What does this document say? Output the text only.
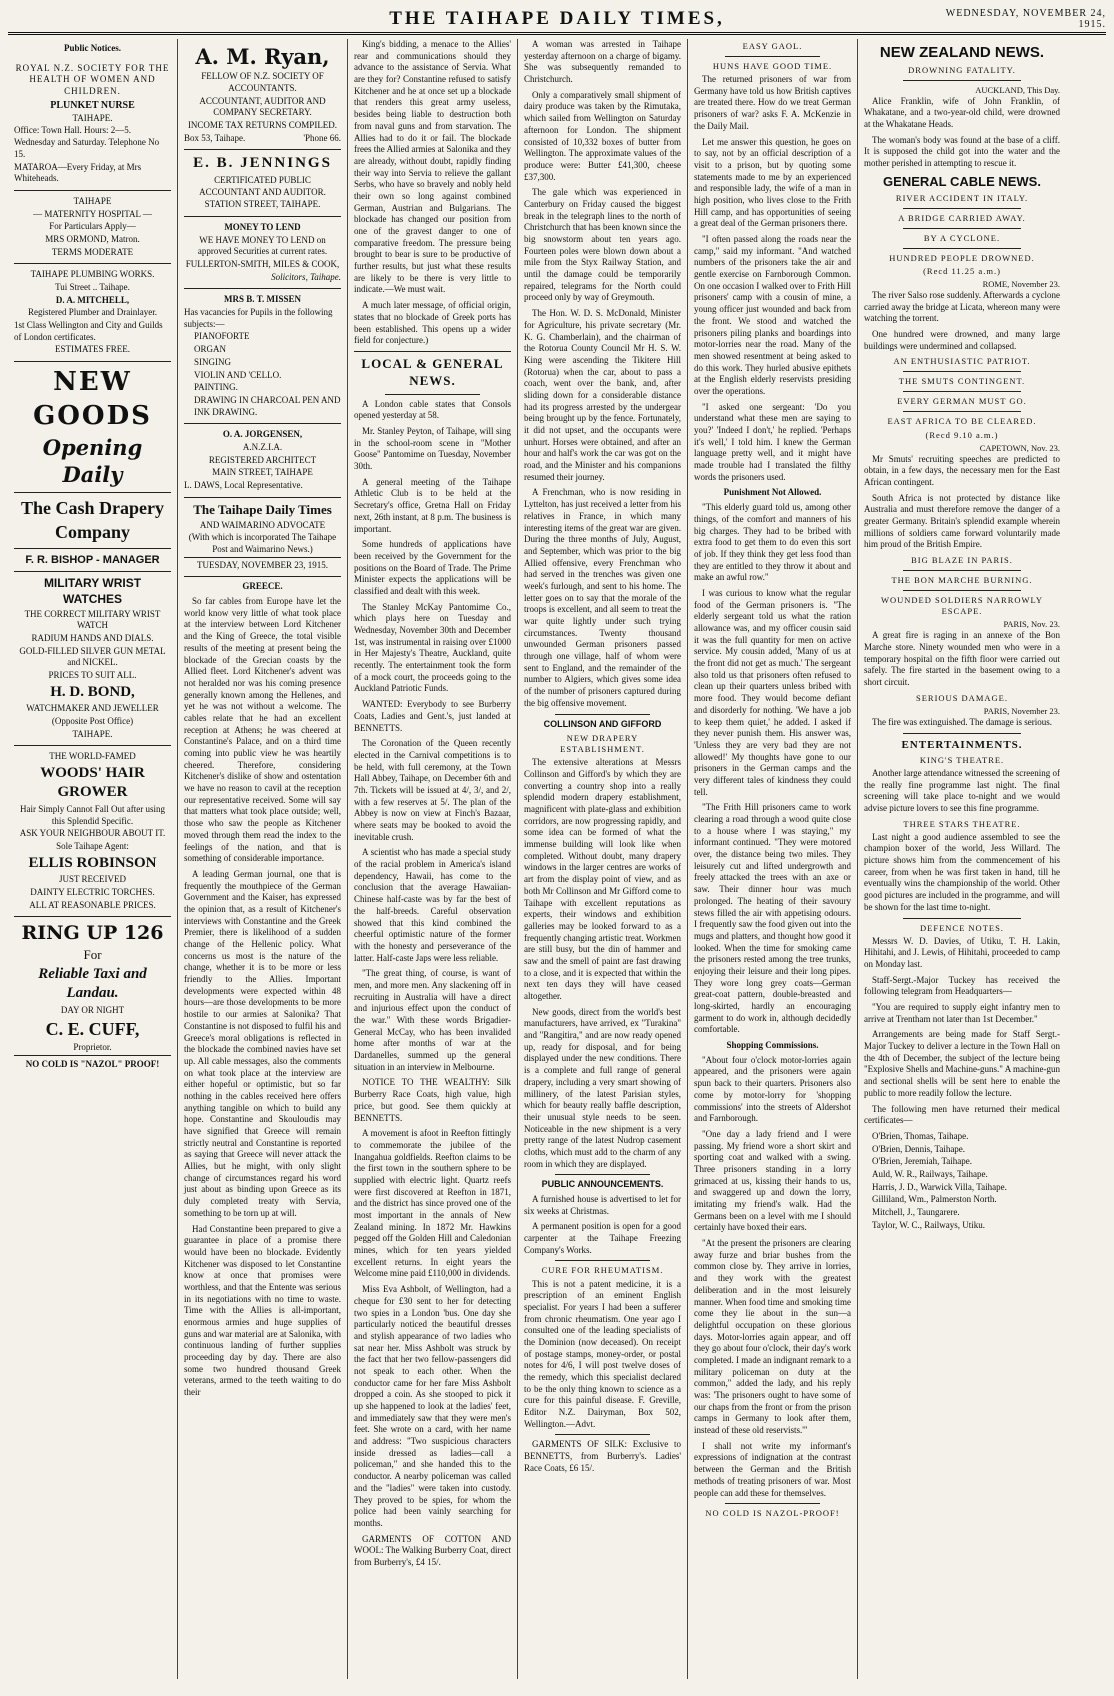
THE TAIHAPE DAILY TIMES,	WEDNESDAY, NOVEMBER 24, 1915.
Public Notices.

ROYAL N.Z. SOCIETY FOR THE HEALTH OF WOMEN AND CHILDREN.

PLUNKET NURSE

TAIHAPE.

Office: Town Hall. Hours: 2—5. Wednesday and Saturday. Telephone No 15.

MATAROA—Every Friday, at Mrs Whiteheads.

TAIHAPE

— MATERNITY HOSPITAL —

For Particulars Apply—

MRS ORMOND, Matron.

TERMS MODERATE

TAIHAPE PLUMBING WORKS.

Tui Street .. Taihape.

D. A. MITCHELL,

Registered Plumber and Drainlayer.

1st Class Wellington and City and Guilds of London certificates.

ESTIMATES FREE.

NEW
GOODS
Opening Daily
The Cash Drapery
Company
F. R. BISHOP - MANAGER
MILITARY WRIST WATCHES

THE CORRECT MILITARY WRIST WATCH

RADIUM HANDS AND DIALS.

GOLD-FILLED SILVER GUN METAL and NICKEL.

PRICES TO SUIT ALL.

H. D. BOND,

WATCHMAKER AND JEWELLER

(Opposite Post Office)

TAIHAPE.

THE WORLD-FAMED

WOODS' HAIR GROWER

Hair Simply Cannot Fall Out after using this Splendid Specific.

ASK YOUR NEIGHBOUR ABOUT IT.

Sole Taihape Agent:

ELLIS ROBINSON

JUST RECEIVED

DAINTY ELECTRIC TORCHES.

ALL AT REASONABLE PRICES.

RING UP 126

For

Reliable Taxi and
Landau.

DAY OR NIGHT

C. E. CUFF,

Proprietor.

NO COLD IS "NAZOL" PROOF!

A. M. Ryan,

FELLOW OF N.Z. SOCIETY OF ACCOUNTANTS.

ACCOUNTANT, AUDITOR AND COMPANY SECRETARY.

INCOME TAX RETURNS COMPILED.

Box 53, Taihape.	'Phone 66.

E. B. JENNINGS

CERTIFICATED PUBLIC ACCOUNTANT AND AUDITOR.

STATION STREET, TAIHAPE.

MONEY TO LEND

WE HAVE MONEY TO LEND on approved Securities at current rates.

FULLERTON-SMITH, MILES & COOK,

Solicitors, Taihape.

MRS B. T. MISSEN

Has vacancies for Pupils in the following subjects:—

PIANOFORTE

ORGAN

SINGING

VIOLIN AND 'CELLO.

PAINTING.

DRAWING IN CHARCOAL PEN AND INK DRAWING.

O. A. JORGENSEN,

A.N.Z.I.A.

REGISTERED ARCHITECT

MAIN STREET, TAIHAPE

L. DAWS, Local Representative.

The Taihape Daily Times

AND WAIMARINO ADVOCATE

(With which is incorporated The Taihape Post and Waimarino News.)

TUESDAY, NOVEMBER 23, 1915.

GREECE.

So far cables from Europe have let the world know very little of what took place at the interview between Lord Kitchener and the King of Greece, the total visible results of the meeting at present being the blockade of the Grecian coasts by the Allied fleet. Lord Kitchener's advent was not heralded nor was his coming presence generally known among the Hellenes, and yet he was not without a welcome. The cables relate that he had an excellent reception at Athens; he was cheered at Constantine's Palace, and on a third time coming into public view he was heartily cheered. Therefore, considering Kitchener's dislike of show and ostentation we have no reason to cavil at the reception our representative received. Some will say that matters what took place outside; well, those who saw the people as Kitchener moved through them read the index to the feelings of the nation, and that is something of considerable importance.

A leading German journal, one that is frequently the mouthpiece of the German Government and the Kaiser, has expressed the opinion that, as a result of Kitchener's interviews with Constantine and the Greek Premier, there is likelihood of a sudden change of the Hellenic policy. What concerns us most is the nature of the change, whether it is to be more or less friendly to the Allies. Important developments were expected within 48 hours—are those developments to be more hostile to our armies at Salonika? That Constantine is not disposed to fulfil his and Greece's moral obligations is reflected in the blockade the combined navies have set up. All cable messages, also the comments on what took place at the interview are either hopeful or optimistic, but so far nothing in the cables received here offers anything tangible on which to build any hope. Constantine and Skouloudis may have signified that Greece will remain strictly neutral and Constantine is reported as saying that Greece will never attack the Allies, but he might, with only slight change of circumstances regard his word just about as binding upon Greece as its duly completed treaty with Servia, something to be torn up at will.

Had Constantine been prepared to give a guarantee in place of a promise there would have been no blockade. Evidently Kitchener was disposed to let Constantine know at once that promises were worthless, and that the Entente was serious in its negotiations with no time to waste. Time with the Allies is all-important, enormous armies and huge supplies of guns and war material are at Salonika, with continuous landing of further supplies proceeding day by day. There are also some two hundred thousand Greek veterans, armed to the teeth waiting to do their

King's bidding, a menace to the Allies' rear and communications should they advance to the assistance of Servia. What are they for? Constantine refused to satisfy Kitchener and he at once set up a blockade that renders this great army useless, besides being liable to destruction both from naval guns and from starvation. The Allies had to do it or fail. The blockade frees the Allied armies at Salonika and they are already, without doubt, rapidly finding their way into Servia to relieve the gallant Serbs, who have so bravely and nobly held their own so long against combined German, Austrian and Bulgarians. The blockade has changed our position from one of the gravest danger to one of comparative freedom. The pressure being brought to bear is sure to be productive of further results, but just what these results are likely to be there is very little to indicate.—We must wait.

A much later message, of official origin, states that no blockade of Greek ports has been established. This opens up a wider field for conjecture.)

LOCAL & GENERAL NEWS.

A London cable states that Consols opened yesterday at 58.

Mr. Stanley Peyton, of Taihape, will sing in the school-room scene in "Mother Goose" Pantomime on Tuesday, November 30th.

A general meeting of the Taihape Athletic Club is to be held at the Secretary's office, Gretna Hall on Friday next, 26th instant, at 8 p.m. The business is important.

Some hundreds of applications have been received by the Government for the positions on the Board of Trade. The Prime Minister expects the applications will be classified and dealt with this week.

The Stanley McKay Pantomime Co., which plays here on Tuesday and Wednesday, November 30th and December 1st, was instrumental in raising over £1000 in Her Majesty's Theatre, Auckland, quite recently. The entertainment took the form of a mock court, the proceeds going to the Auckland Patriotic Funds.

WANTED: Everybody to see Burberry Coats, Ladies and Gent.'s, just landed at BENNETTS.

The Coronation of the Queen recently elected in the Carnival competitions is to be held, with full ceremony, at the Town Hall Abbey, Taihape, on December 6th and 7th. Tickets will be issued at 4/, 3/, and 2/, with a few reserves at 5/. The plan of the Abbey is now on view at Finch's Bazaar, where seats may be booked to avoid the inevitable crush.

A scientist who has made a special study of the racial problem in America's island dependency, Hawaii, has come to the conclusion that the average Hawaiian-Chinese half-caste was by far the best of the half-breeds. Careful observation showed that this kind combined the cheerful optimistic nature of the former with the honesty and perseverance of the latter. Half-caste Japs were less reliable.

"The great thing, of course, is want of men, and more men. Any slackening off in recruiting in Australia will have a direct and injurious effect upon the conduct of the war." With these words Brigadier-General McCay, who has been invalided home after months of war at the Dardanelles, summed up the general situation in an interview in Melbourne.

NOTICE TO THE WEALTHY: Silk Burberry Race Coats, high value, high price, but good. See them quickly at BENNETTS.

A movement is afoot in Reefton fittingly to commemorate the jubilee of the Inangahua goldfields. Reefton claims to be the first town in the southern sphere to be supplied with electric light. Quartz reefs were first discovered at Reefton in 1871, and the district has since proved one of the most important in the annals of New Zealand mining. In 1872 Mr. Hawkins pegged off the Golden Hill and Caledonian mines, which for ten years yielded excellent returns. In eight years the Welcome mine paid £110,000 in dividends.

Miss Eva Ashbolt, of Wellington, had a cheque for £30 sent to her for detecting two spies in a London 'bus. One day she particularly noticed the beautiful dresses and stylish appearance of two ladies who sat near her. Miss Ashbolt was struck by the fact that her two fellow-passengers did not speak to each other. When the conductor came for her fare Miss Ashbolt dropped a coin. As she stooped to pick it up she happened to look at the ladies' feet, and immediately saw that they were men's feet. She wrote on a card, with her name and address: "Two suspicious characters inside dressed as ladies—call a policeman," and she handed this to the conductor. A nearby policeman was called and the "ladies" were taken into custody. They proved to be spies, for whom the police had been vainly searching for months.

GARMENTS OF COTTON AND WOOL: The Walking Burberry Coat, direct from Burberry's, £4 15/.

A woman was arrested in Taihape yesterday afternoon on a charge of bigamy. She was subsequently remanded to Christchurch.

Only a comparatively small shipment of dairy produce was taken by the Rimutaka, which sailed from Wellington on Saturday afternoon for London. The shipment consisted of 10,332 boxes of butter from Wellington. The approximate values of the produce were: Butter £41,300, cheese £37,300.

The gale which was experienced in Canterbury on Friday caused the biggest break in the telegraph lines to the north of Christchurch that has been known since the big snowstorm about ten years ago. Fourteen poles were blown down about a mile from the Styx Railway Station, and until the damage could be temporarily repaired, telegrams for the North could proceed only by way of Greymouth.

The Hon. W. D. S. McDonald, Minister for Agriculture, his private secretary (Mr. K. G. Chamberlain), and the chairman of the Rotorua County Council Mr H. S. W. King were ascending the Tikitere Hill (Rotorua) when the car, about to pass a coach, went over the bank, and, after sliding down for a considerable distance had its progress arrested by the undergear being brought up by the fence. Fortunately, it did not upset, and the occupants were unhurt. Horses were obtained, and after an hour and half's work the car was got on the road, and the Minister and his companions resumed their journey.

A Frenchman, who is now residing in Lyttelton, has just received a letter from his relatives in France, in which many interesting items of the great war are given. During the three months of July, August, and September, which was prior to the big Allied offensive, every Frenchman who had served in the trenches was given one week's furlough, and sent to his home. The letter goes on to say that the morale of the troops is excellent, and all seem to treat the war quite lightly under such trying circumstances. Twenty thousand unwounded German prisoners passed through one village, half of whom were sent to England, and the remainder of the number to Algiers, which gives some idea of the number of prisoners captured during the big offensive movement.

COLLINSON AND GIFFORD
NEW DRAPERY ESTABLISHMENT.

The extensive alterations at Messrs Collinson and Gifford's by which they are converting a country shop into a really splendid modern drapery establishment, magnificent with plate-glass and exhibition corridors, are now progressing rapidly, and some idea can be formed of what the immense building will look like when completed. Without doubt, many drapery windows in the larger centres are works of art from the display point of view, and as both Mr Collinson and Mr Gifford come to Taihape with excellent reputations as experts, their windows and exhibition galleries may be looked forward to as a frequently changing artistic treat. Workmen are still busy, but the din of hammer and saw and the smell of paint are fast drawing to a close, and it is expected that within the next ten days they will have ceased altogether.

New goods, direct from the world's best manufacturers, have arrived, ex "Turakina" and "Rangitira," and are now ready opened up, ready for disposal, and for being displayed under the new conditions. There is a complete and full range of general drapery, including a very smart showing of millinery, of the latest Parisian styles, which for beauty really baffle description, their unusual style needs to be seen. Noticeable in the new shipment is a very pretty range of the latest Nudrop casement cloths, which must add to the charm of any room in which they are displayed.

PUBLIC ANNOUNCEMENTS.

A furnished house is advertised to let for six weeks at Christmas.

A permanent position is open for a good carpenter at the Taihape Freezing Company's Works.

CURE FOR RHEUMATISM.

This is not a patent medicine, it is a prescription of an eminent English specialist. For years I had been a sufferer from chronic rheumatism. One year ago I consulted one of the leading specialists of the Dominion (now deceased). On receipt of postage stamps, money-order, or postal notes for 4/6, I will post twelve doses of the remedy, which this specialist declared to be the only thing known to science as a cure for this painful disease. F. Greville, Editor N.Z. Dairyman, Box 502, Wellington.—Advt.

GARMENTS OF SILK: Exclusive to BENNETTS, from Burberry's. Ladies' Race Coats, £6 15/.

EASY GAOL.
HUNS HAVE GOOD TIME.

The returned prisoners of war from Germany have told us how British captives are treated there. How do we treat German prisoners of war? asks F. A. McKenzie in the Daily Mail.

Let me answer this question, he goes on to say, not by an official description of a visit to a prison, but by quoting some statements made to me by an experienced and responsible lady, the wife of a man in high position, who lives close to the Frith Hill camp, and has opportunities of seeing a great deal of the German prisoners there.

"I often passed along the roads near the camp," said my informant. "And watched numbers of the prisoners take the air and gentle exercise on Farnborough Common. On one occasion I walked over to Frith Hill prisoners' camp with a cousin of mine, a young officer just wounded and back from the front. We stood and watched the prisoners piling planks and boardings into motor-lorries near the road. Many of the men showed resentment at being asked to do this work. They hurled abusive epithets at the English elderly reservists presiding over the operations.

"I asked one sergeant: 'Do you understand what these men are saying to you?' 'Indeed I don't,' he replied. 'Perhaps it's well,' I told him. I knew the German language pretty well, and it might have made trouble had I translated the filthy words the prisoners used.

Punishment Not Allowed.

"This elderly guard told us, among other things, of the comfort and manners of his big charges. They had to be bribed with extra food to get them to do even this sort of job. If they think they get less food than they are entitled to they throw it about and make an awful row."

I was curious to know what the regular food of the German prisoners is. "The elderly sergeant told us what the ration allowance was, and my officer cousin said it was the full quantity for men on active service. My cousin added, 'Many of us at the front did not get as much.' The sergeant also told us that prisoners often refused to clean up their quarters unless bribed with more food. They would become defiant and disorderly for nothing. 'We have a job to keep them quiet,' he added. I asked if they never punish them. His answer was, 'Unless they are very bad they are not allowed!' My thoughts have gone to our prisoners in the German camps and the very different tales of kindness they could tell.

"The Frith Hill prisoners came to work clearing a road through a wood quite close to a house where I was staying," my informant continued. "They were motored over, the distance being two miles. They leisurely cut and lifted undergrowth and freely attacked the trees with an axe or saw. Their dinner hour was much prolonged. The heating of their savoury stews filled the air with appetising odours. I frequently saw the food given out into the mugs and platters, and thought how good it looked. When the time for smoking came the prisoners rested among the tree trunks, enjoying their leisure and their long pipes. They wore long grey coats—German great-coat pattern, double-breasted and long-skirted, hardly an encouraging garment to do work in, although decidedly comfortable.

Shopping Commissions.

"About four o'clock motor-lorries again appeared, and the prisoners were again spun back to their quarters. Prisoners also come by motor-lorry for 'shopping commissions' into the streets of Aldershot and Farnborough.

"One day a lady friend and I were passing. My friend wore a short skirt and sporting coat and walked with a swing. Three prisoners standing in a lorry grimaced at us, kissing their hands to us, and swaggered up and down the lorry, imitating my friend's walk. Had the Germans been on a level with me I should certainly have boxed their ears.

"At the present the prisoners are clearing away furze and briar bushes from the common close by. They arrive in lorries, and they work with the greatest deliberation and in the most leisurely manner. When food time and smoking time come they lie about in the sun—a delightful occupation on these glorious days. Motor-lorries again appear, and off they go about four o'clock, their day's work completed. I made an indignant remark to a military policeman on duty at the common," added the lady, and his reply was: 'The prisoners ought to have some of our chaps from the front or from the prison camps in Germany to look after them, instead of these old reservists.'"

I shall not write my informant's expressions of indignation at the contrast between the German and the British methods of treating prisoners of war. Most people can add these for themselves.

NO COLD IS NAZOL-PROOF!
NEW ZEALAND NEWS.
DROWNING FATALITY.
AUCKLAND, This Day.

Alice Franklin, wife of John Franklin, of Whakatane, and a two-year-old child, were drowned at the Whakatane Heads.

The woman's body was found at the base of a cliff. It is supposed the child got into the water and the mother perished in attempting to rescue it.

GENERAL CABLE NEWS.
RIVER ACCIDENT IN ITALY.
A BRIDGE CARRIED AWAY.
BY A CYCLONE.
HUNDRED PEOPLE DROWNED.
(Recd 11.25 a.m.)
ROME, November 23.

The river Salso rose suddenly. Afterwards a cyclone carried away the bridge at Licata, whereon many were watching the torrent.

One hundred were drowned, and many large buildings were undermined and collapsed.

AN ENTHUSIASTIC PATRIOT.
THE SMUTS CONTINGENT.
EVERY GERMAN MUST GO.
EAST AFRICA TO BE CLEARED.
(Recd 9.10 a.m.)
CAPETOWN, Nov. 23.

Mr Smuts' recruiting speeches are predicted to obtain, in a few days, the necessary men for the East African contingent.

South Africa is not protected by distance like Australia and must therefore remove the danger of a greater Germany. Britain's splendid example wherein millions of soldiers came forward voluntarily made him proud of the British Empire.

BIG BLAZE IN PARIS.
THE BON MARCHE BURNING.
WOUNDED SOLDIERS NARROWLY ESCAPE.
PARIS, Nov. 23.

A great fire is raging in an annexe of the Bon Marche store. Ninety wounded men who were in a temporary hospital on the fifth floor were carried out safely. The fire started in the basement owing to a short circuit.

SERIOUS DAMAGE.
PARIS, November 23.

The fire was extinguished. The damage is serious.

ENTERTAINMENTS.
KING'S THEATRE.

Another large attendance witnessed the screening of the really fine programme last night. The final screening will take place to-night and we would advise picture lovers to see this fine programme.

THREE STARS THEATRE.

Last night a good audience assembled to see the champion boxer of the world, Jess Willard. The picture shows him from the commencement of his career, from when he was first taken in hand, till he eventually wins the championship of the world. Other good pictures are included in the programme, and will be shown for the last time to-night.

DEFENCE NOTES.

Messrs W. D. Davies, of Utiku, T. H. Lakin, Hihitahi, and J. Lewis, of Hihitahi, proceeded to camp on Monday last.

Staff-Sergt.-Major Tuckey has received the following telegram from Headquarters—

"You are required to supply eight infantry men to arrive at Trentham not later than 1st December."

Arrangements are being made for Staff Sergt.-Major Tuckey to deliver a lecture in the Town Hall on the 4th of December, the subject of the lecture being "Explosive Shells and Machine-guns." A machine-gun and sectional shells will be sent here to enable the public to more readily follow the lecture.

The following men have returned their medical certificates—

O'Brien, Thomas, Taihape.

O'Brien, Dennis, Taihape.

O'Brien, Jeremiah, Taihape.

Auld, W. R., Railways, Taihape.

Harris, J. D., Warwick Villa, Taihape.

Gilliland, Wm., Palmerston North.

Mitchell, J., Taungarere.

Taylor, W. C., Railways, Utiku.
